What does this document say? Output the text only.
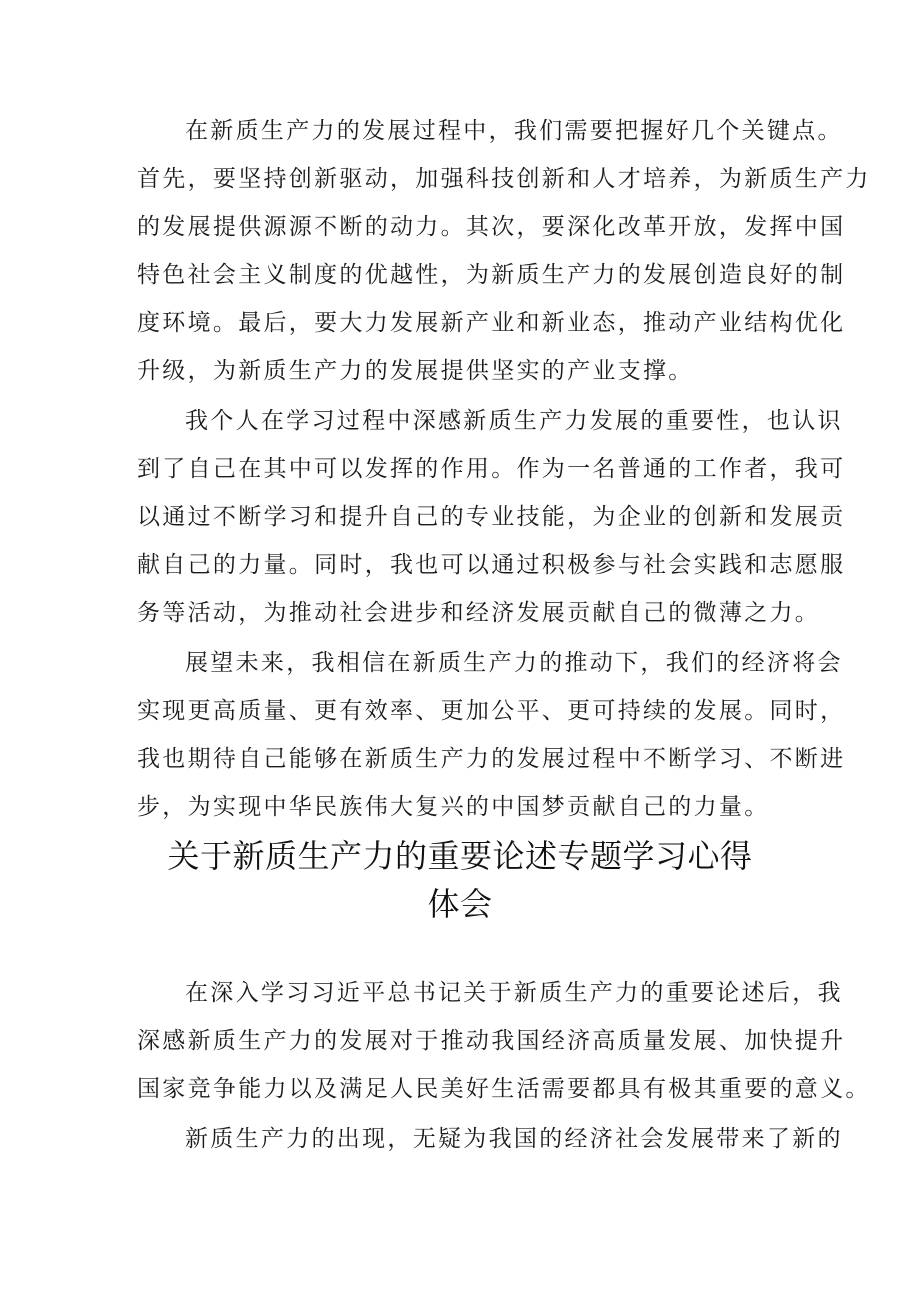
在新质生产力的发展过程中，我们需要把握好几个关键点。
首先，要坚持创新驱动，加强科技创新和人才培养，为新质生产力
的发展提供源源不断的动力。其次，要深化改革开放，发挥中国
特色社会主义制度的优越性，为新质生产力的发展创造良好的制
度环境。最后，要大力发展新产业和新业态，推动产业结构优化
升级，为新质生产力的发展提供坚实的产业支撑。
我个人在学习过程中深感新质生产力发展的重要性，也认识
到了自己在其中可以发挥的作用。作为一名普通的工作者，我可
以通过不断学习和提升自己的专业技能，为企业的创新和发展贡
献自己的力量。同时，我也可以通过积极参与社会实践和志愿服
务等活动，为推动社会进步和经济发展贡献自己的微薄之力。
展望未来，我相信在新质生产力的推动下，我们的经济将会
实现更高质量、更有效率、更加公平、更可持续的发展。同时，
我也期待自己能够在新质生产力的发展过程中不断学习、不断进
步，为实现中华民族伟大复兴的中国梦贡献自己的力量。
关于新质生产力的重要论述专题学习心得
体会
在深入学习习近平总书记关于新质生产力的重要论述后，我
深感新质生产力的发展对于推动我国经济高质量发展、加快提升
国家竞争能力以及满足人民美好生活需要都具有极其重要的意义。
新质生产力的出现，无疑为我国的经济社会发展带来了新的
